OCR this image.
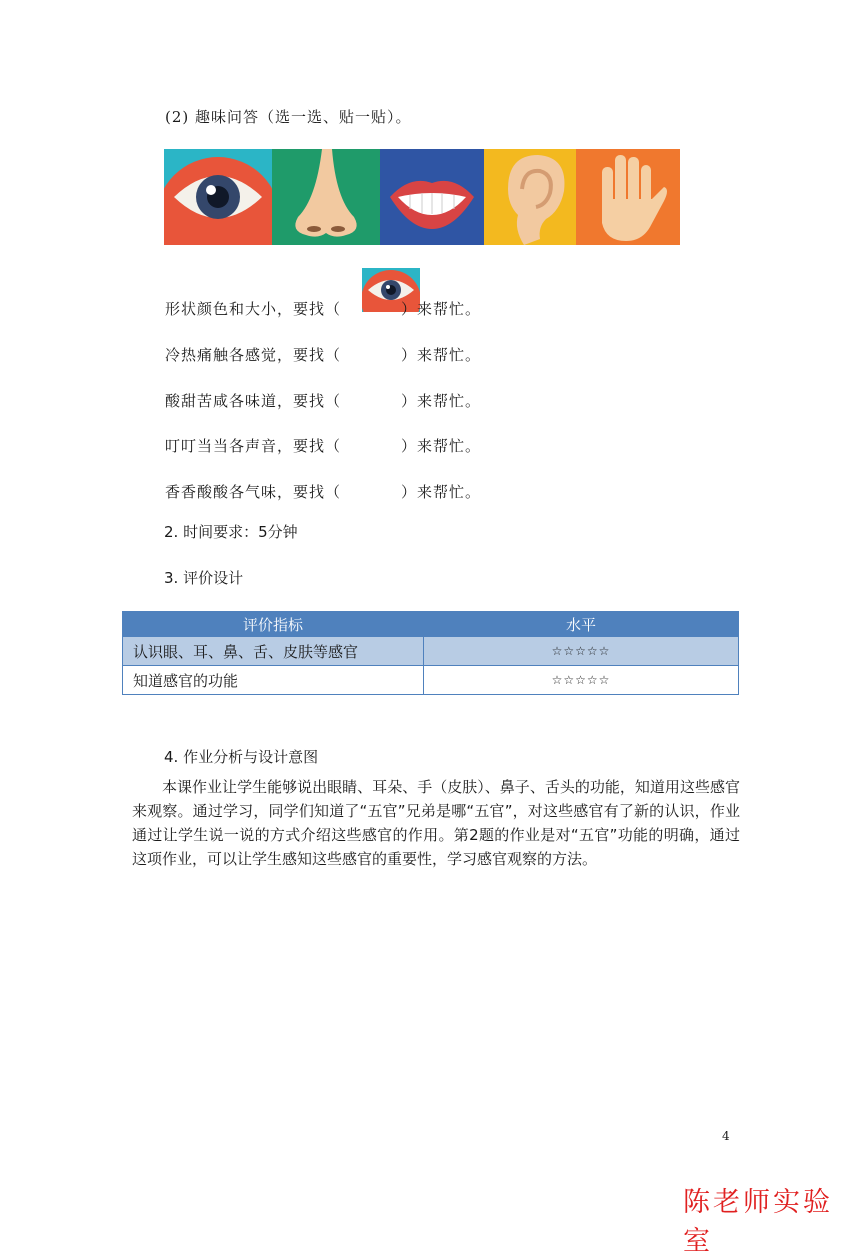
(2) 趣味问答（选一选、贴一贴）。
形状颜色和大小，要找（	）来帮忙。
冷热痛触各感觉，要找（	）来帮忙。
酸甜苦咸各味道，要找（	）来帮忙。
叮叮当当各声音，要找（	）来帮忙。
香香酸酸各气味，要找（	）来帮忙。
2. 时间要求：5分钟
3. 评价设计
评价指标	水平
认识眼、耳、鼻、舌、皮肤等感官	☆☆☆☆☆
知道感官的功能	☆☆☆☆☆
4. 作业分析与设计意图
本课作业让学生能够说出眼睛、耳朵、手（皮肤）、鼻子、舌头的功能，知道用这些感官来观察。通过学习，同学们知道了“五官”兄弟是哪“五官”，对这些感官有了新的认识，作业通过让学生说一说的方式介绍这些感官的作用。第2题的作业是对“五官”功能的明确，通过这项作业，可以让学生感知这些感官的重要性，学习感官观察的方法。
4
陈老师实验室
